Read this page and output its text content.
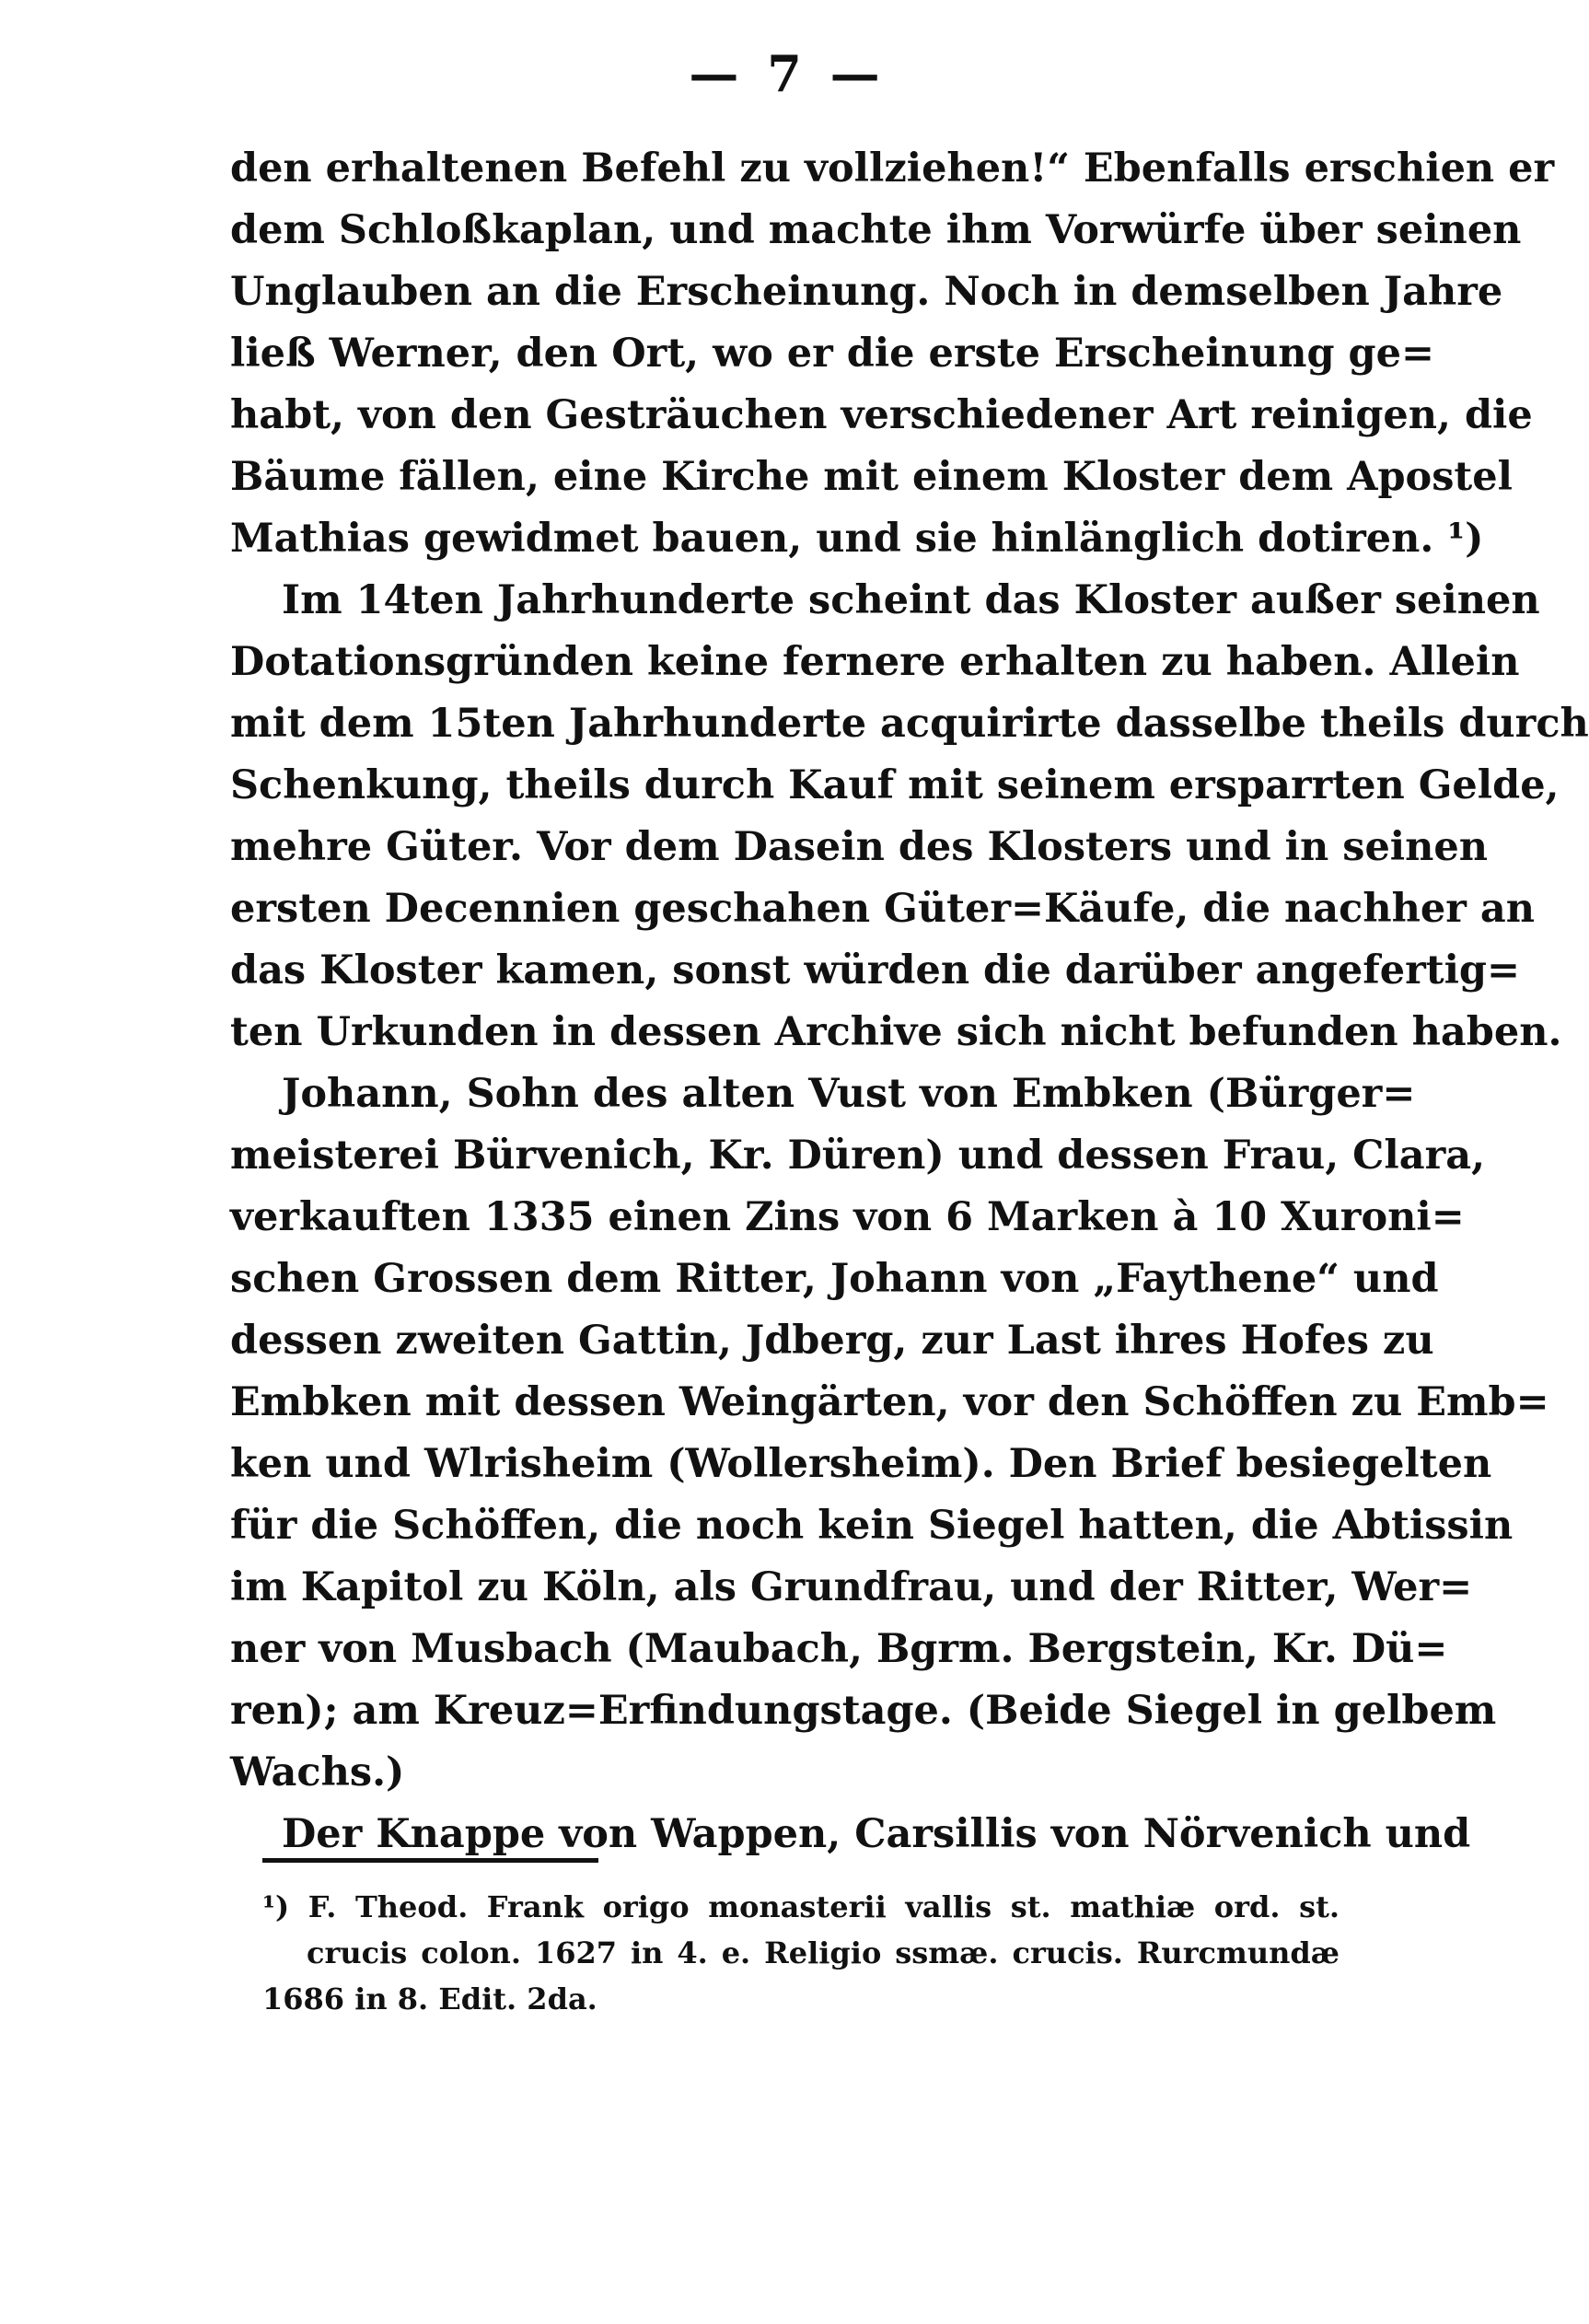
— 7 —
den erhaltenen Befehl zu vollziehen!“ Ebenfalls erschien er
dem Schloßkaplan, und machte ihm Vorwürfe über seinen
Unglauben an die Erscheinung. Noch in demselben Jahre
ließ Werner, den Ort, wo er die erste Erscheinung ge=
habt, von den Gesträuchen verschiedener Art reinigen, die
Bäume fällen, eine Kirche mit einem Kloster dem Apostel
Mathias gewidmet bauen, und sie hinlänglich dotiren. ¹)
Im 14ten Jahrhunderte scheint das Kloster außer seinen
Dotationsgründen keine fernere erhalten zu haben. Allein
mit dem 15ten Jahrhunderte acquirirte dasselbe theils durch
Schenkung, theils durch Kauf mit seinem ersparrten Gelde,
mehre Güter. Vor dem Dasein des Klosters und in seinen
ersten Decennien geschahen Güter=Käufe, die nachher an
das Kloster kamen, sonst würden die darüber angefertig=
ten Urkunden in dessen Archive sich nicht befunden haben.
Johann, Sohn des alten Vust von Embken (Bürger=
meisterei Bürvenich, Kr. Düren) und dessen Frau, Clara,
verkauften 1335 einen Zins von 6 Marken à 10 Xuroni=
schen Grossen dem Ritter, Johann von „Faythene“ und
dessen zweiten Gattin, Jdberg, zur Last ihres Hofes zu
Embken mit dessen Weingärten, vor den Schöffen zu Emb=
ken und Wlrisheim (Wollersheim). Den Brief besiegelten
für die Schöffen, die noch kein Siegel hatten, die Abtissin
im Kapitol zu Köln, als Grundfrau, und der Ritter, Wer=
ner von Musbach (Maubach, Bgrm. Bergstein, Kr. Dü=
ren); am Kreuz=Erfindungstage. (Beide Siegel in gelbem
Wachs.)
Der Knappe von Wappen, Carsillis von Nörvenich und
¹) F. Theod. Frank origo monasterii vallis st. mathiæ ord. st.
crucis colon. 1627 in 4. e. Religio ssmæ. crucis. Rurcmundæ
1686 in 8. Edit. 2da.
